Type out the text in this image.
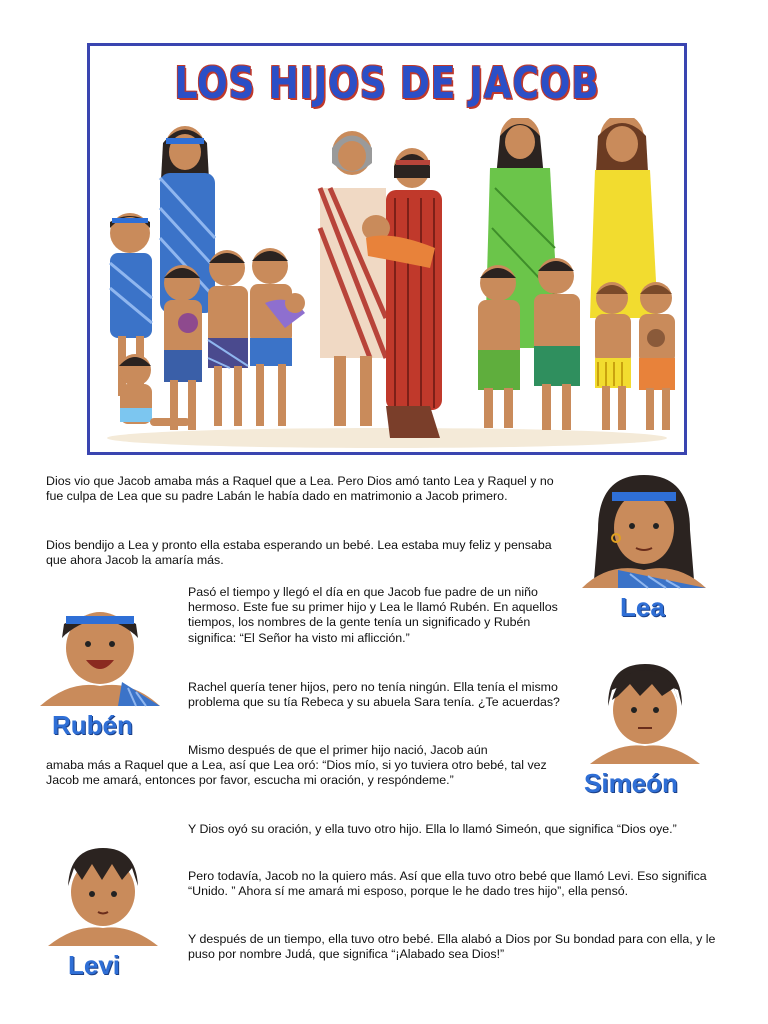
LOS HIJOS DE JACOB

Dios vio que Jacob amaba más a Raquel que a Lea. Pero Dios amó tanto Lea y Raquel y no fue culpa de Lea que su padre Labán le había dado en matrimonio a Jacob primero.

Dios bendijo a Lea y pronto ella estaba esperando un bebé. Lea estaba muy feliz y pensaba que ahora Jacob la amaría más.

Pasó el tiempo y llegó el día en que Jacob fue padre de un niño hermoso. Este fue su primer hijo y Lea le llamó Rubén. En aquellos tiempos, los nombres de la gente tenía un significado y Rubén significa: “El Señor ha visto mi aflicción.”

Rachel quería tener hijos, pero no tenía ningún. Ella tenía el mismo problema que su tía Rebeca y su abuela Sara tenía. ¿Te acuerdas?

Mismo después de que el primer hijo nació, Jacob aún

amaba más a Raquel que a Lea, así que Lea oró: “Dios mío, si yo tuviera otro bebé, tal vez Jacob me amará, entonces por favor, escucha mi oración, y respóndeme.”

Y Dios oyó su oración, y ella tuvo otro hijo. Ella lo llamó Simeón, que significa “Dios oye.”

Pero todavía, Jacob no la quiero más. Así que ella tuvo otro bebé que llamó Levi. Eso significa “Unido. ” Ahora sí me amará mi esposo, porque le he dado tres hijo”, ella pensó.

Y después de un tiempo, ella tuvo otro bebé. Ella alabó a Dios por Su bondad para con ella, y le puso por nombre Judá, que significa “¡Alabado sea Dios!”

Lea
Rubén
Simeón
Levi
